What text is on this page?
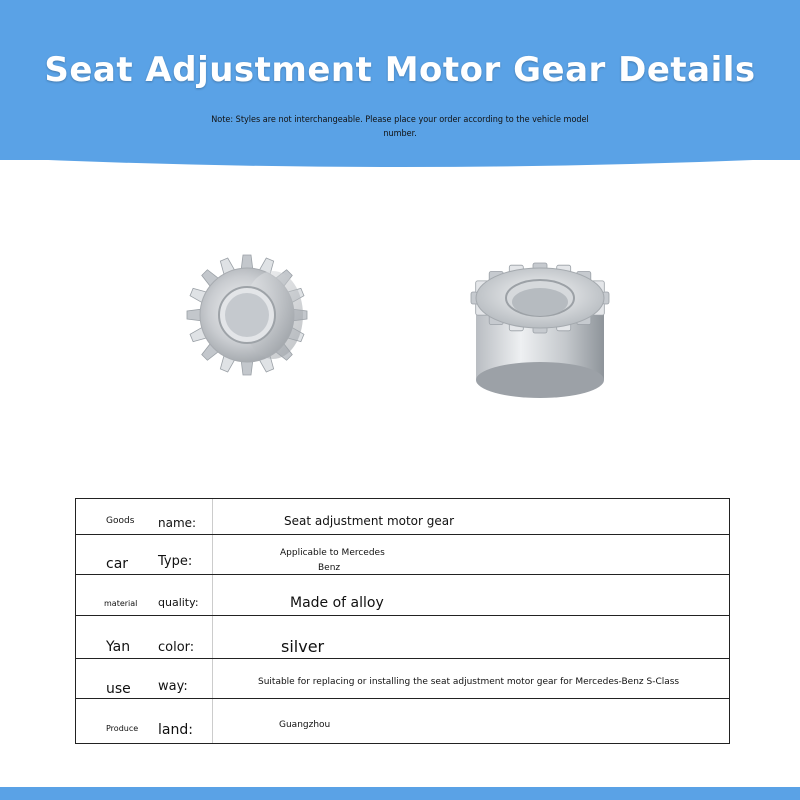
Seat Adjustment Motor Gear Details
Note: Styles are not interchangeable. Please place your order according to the vehicle model
number.
Goods name:	Seat adjustment motor gear
car Type:
Applicable to Mercedes
Benz
material quality:	Made of alloy
Yan color:	silver
use way:	Suitable for replacing or installing the seat adjustment motor gear for Mercedes-Benz S-Class
Produce land:	Guangzhou
